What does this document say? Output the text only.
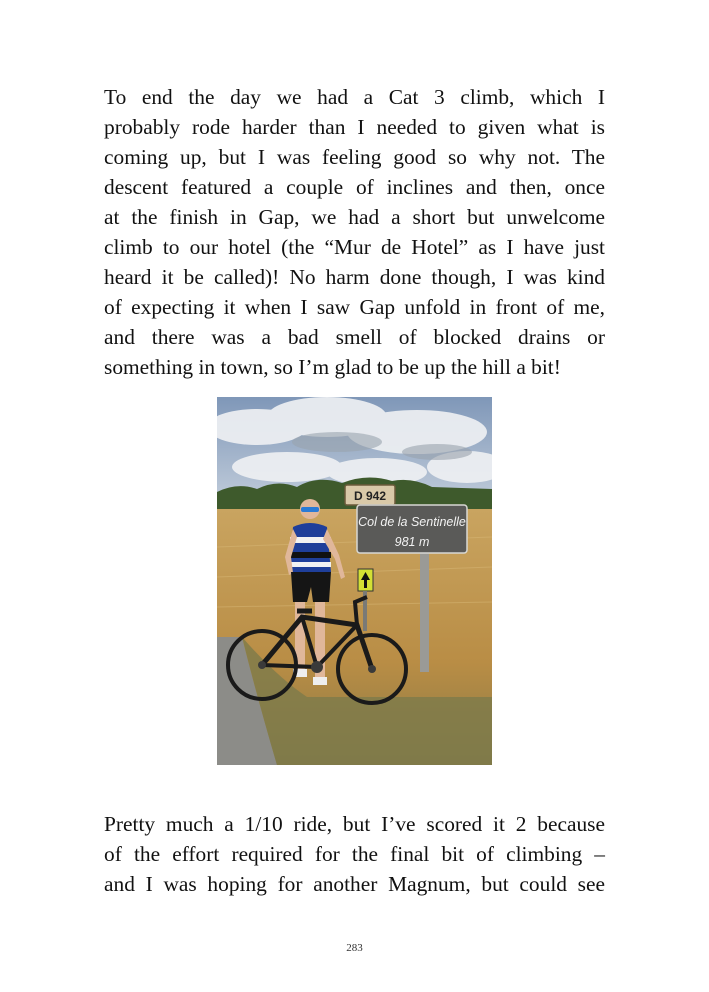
To end the day we had a Cat 3 climb, which I
probably rode harder than I needed to given what is
coming up, but I was feeling good so why not. The
descent featured a couple of inclines and then, once
at the finish in Gap, we had a short but unwelcome
climb to our hotel (the “Mur de Hotel” as I have just
heard it be called)! No harm done though, I was kind
of expecting it when I saw Gap unfold in front of me,
and there was a bad smell of blocked drains or
something in town, so I’m glad to be up the hill a bit!
D 942
Col de la Sentinelle
981 m
Pretty much a 1/10 ride, but I’ve scored it 2 because
of the effort required for the final bit of climbing –
and I was hoping for another Magnum, but could see
283
